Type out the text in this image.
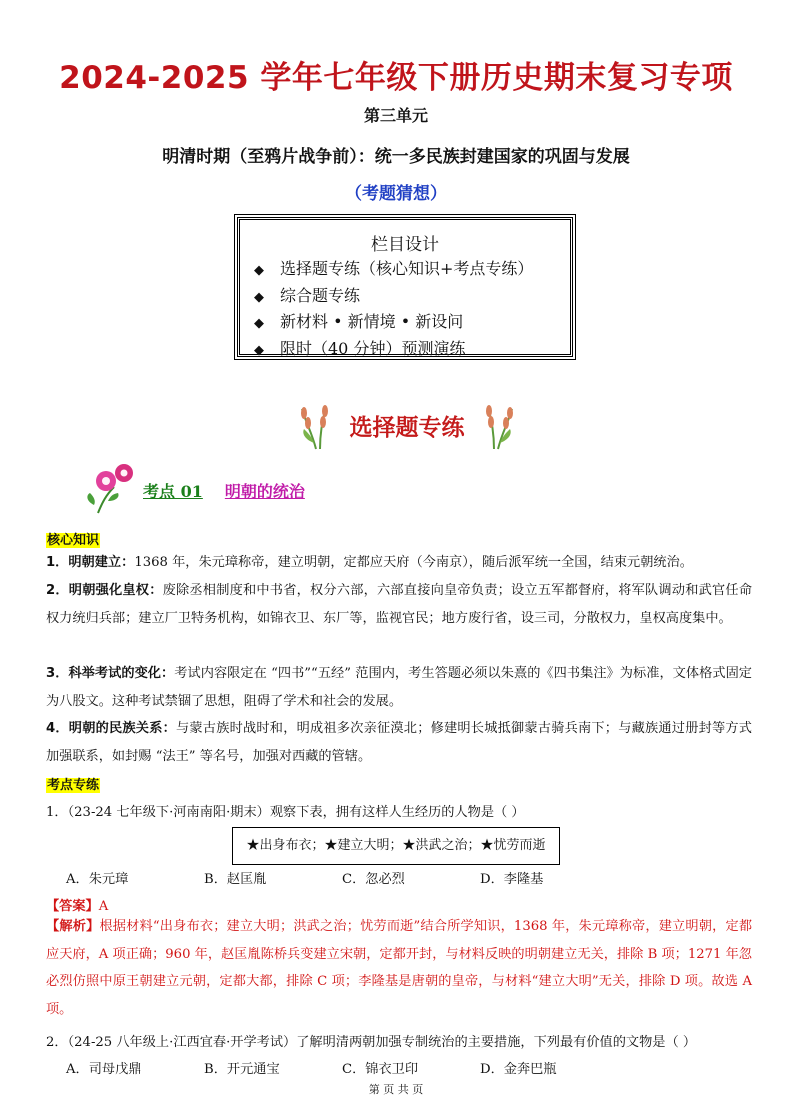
2024-2025 学年七年级下册历史期末复习专项
第三单元
明清时期（至鸦片战争前）：统一多民族封建国家的巩固与发展
（考题猜想）
栏目设计
◆ 选择题专练（核心知识+考点专练）
◆ 综合题专练
◆ 新材料 • 新情境 • 新设问
◆ 限时（40 分钟）预测演练
选择题专练
考点 01 明朝的统治
核心知识
1．明朝建立：1368 年，朱元璋称帝，建立明朝，定都应天府（今南京），随后派军统一全国，结束元朝统治。
2．明朝强化皇权：废除丞相制度和中书省，权分六部，六部直接向皇帝负责；设立五军都督府，将军队调动和武官任命权力统归兵部；建立厂卫特务机构，如锦衣卫、东厂等，监视官民；地方废行省，设三司，分散权力，皇权高度集中。
3．科举考试的变化：考试内容限定在 “四书”“五经” 范围内，考生答题必须以朱熹的《四书集注》为标准，文体格式固定为八股文。这种考试禁锢了思想，阻碍了学术和社会的发展。
4．明朝的民族关系：与蒙古族时战时和，明成祖多次亲征漠北；修建明长城抵御蒙古骑兵南下；与藏族通过册封等方式加强联系，如封赐 “法王” 等名号，加强对西藏的管辖。
考点专练
1．（23-24 七年级下·河南南阳·期末）观察下表，拥有这样人生经历的人物是（ ）
★出身布衣；★建立大明；★洪武之治；★忧劳而逝
A．朱元璋	B．赵匡胤	C．忽必烈	D．李隆基
【答案】A
【解析】根据材料“出身布衣；建立大明；洪武之治；忧劳而逝”结合所学知识，1368 年，朱元璋称帝，建立明朝，定都应天府，A 项正确；960 年，赵匡胤陈桥兵变建立宋朝，定都开封，与材料反映的明朝建立无关，排除 B 项；1271 年忽必烈仿照中原王朝建立元朝，定都大都，排除 C 项；李隆基是唐朝的皇帝，与材料“建立大明”无关，排除 D 项。故选 A 项。
2．（24-25 八年级上·江西宜春·开学考试）了解明清两朝加强专制统治的主要措施，下列最有价值的文物是（ ）
A．司母戊鼎	B．开元通宝	C．锦衣卫印	D．金奔巴瓶
第 页 共 页
